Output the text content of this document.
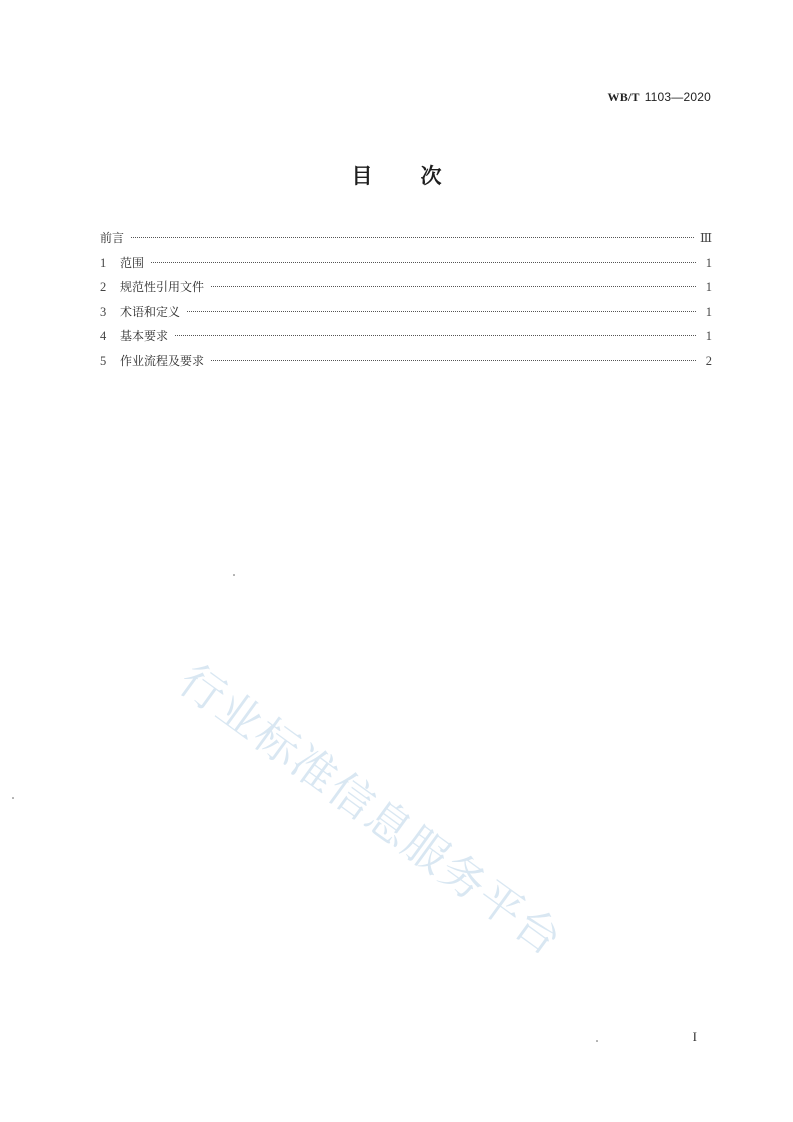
WB/T 1103—2020
目 次
前言	Ⅲ
1	范围	1
2	规范性引用文件	1
3	术语和定义	1
4	基本要求	1
5	作业流程及要求	2
行业标准信息服务平台
I
